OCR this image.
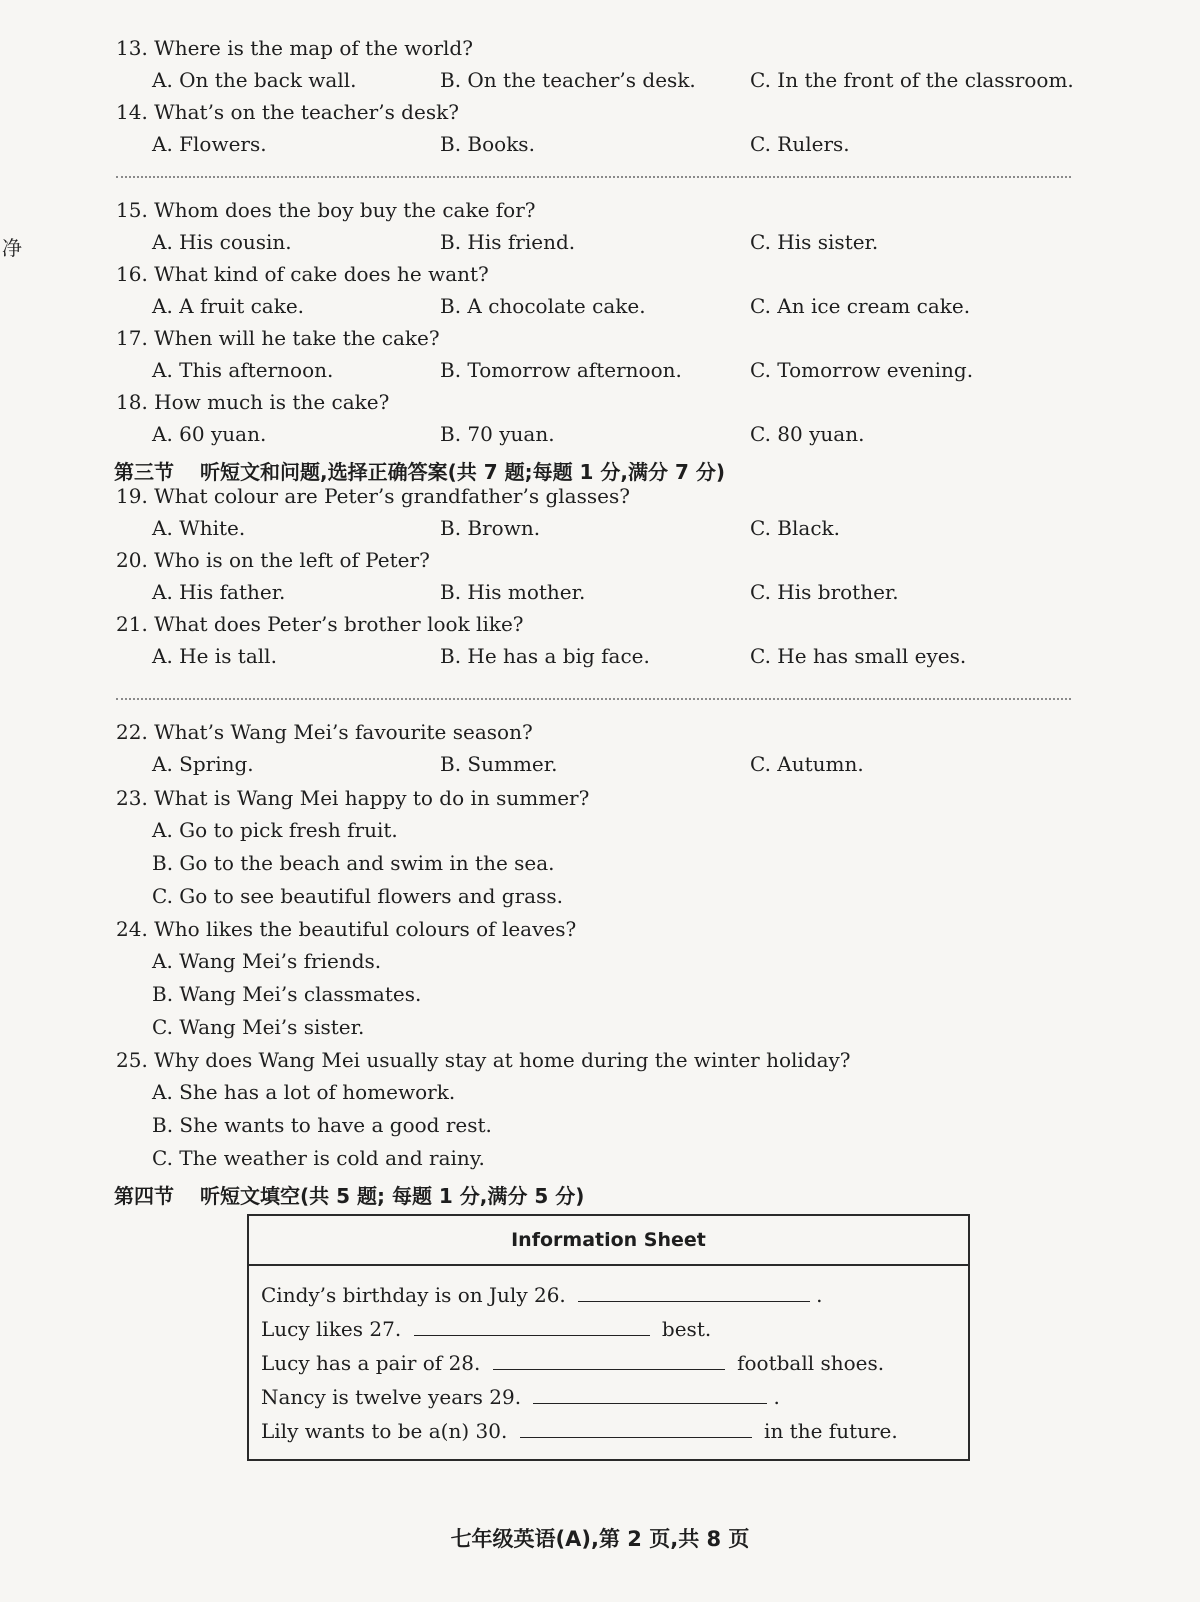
净
13. Where is the map of the world?
A. On the back wall.	B. On the teacher’s desk.	C. In the front of the classroom.
14. What’s on the teacher’s desk?
A. Flowers.	B. Books.	C. Rulers.
15. Whom does the boy buy the cake for?
A. His cousin.	B. His friend.	C. His sister.
16. What kind of cake does he want?
A. A fruit cake.	B. A chocolate cake.	C. An ice cream cake.
17. When will he take the cake?
A. This afternoon.	B. Tomorrow afternoon.	C. Tomorrow evening.
18. How much is the cake?
A. 60 yuan.	B. 70 yuan.	C. 80 yuan.
第三节 听短文和问题,选择正确答案(共 7 题;每题 1 分,满分 7 分)
19. What colour are Peter’s grandfather’s glasses?
A. White.	B. Brown.	C. Black.
20. Who is on the left of Peter?
A. His father.	B. His mother.	C. His brother.
21. What does Peter’s brother look like?
A. He is tall.	B. He has a big face.	C. He has small eyes.
22. What’s Wang Mei’s favourite season?
A. Spring.	B. Summer.	C. Autumn.
23. What is Wang Mei happy to do in summer?
A. Go to pick fresh fruit.
B. Go to the beach and swim in the sea.
C. Go to see beautiful flowers and grass.
24. Who likes the beautiful colours of leaves?
A. Wang Mei’s friends.
B. Wang Mei’s classmates.
C. Wang Mei’s sister.
25. Why does Wang Mei usually stay at home during the winter holiday?
A. She has a lot of homework.
B. She wants to have a good rest.
C. The weather is cold and rainy.
第四节 听短文填空(共 5 题; 每题 1 分,满分 5 分)
Information Sheet
Cindy’s birthday is on July 26.	.
Lucy likes 27.	best.
Lucy has a pair of 28.	football shoes.
Nancy is twelve years 29.	.
Lily wants to be a(n) 30.	in the future.
七年级英语(A),第 2 页,共 8 页
